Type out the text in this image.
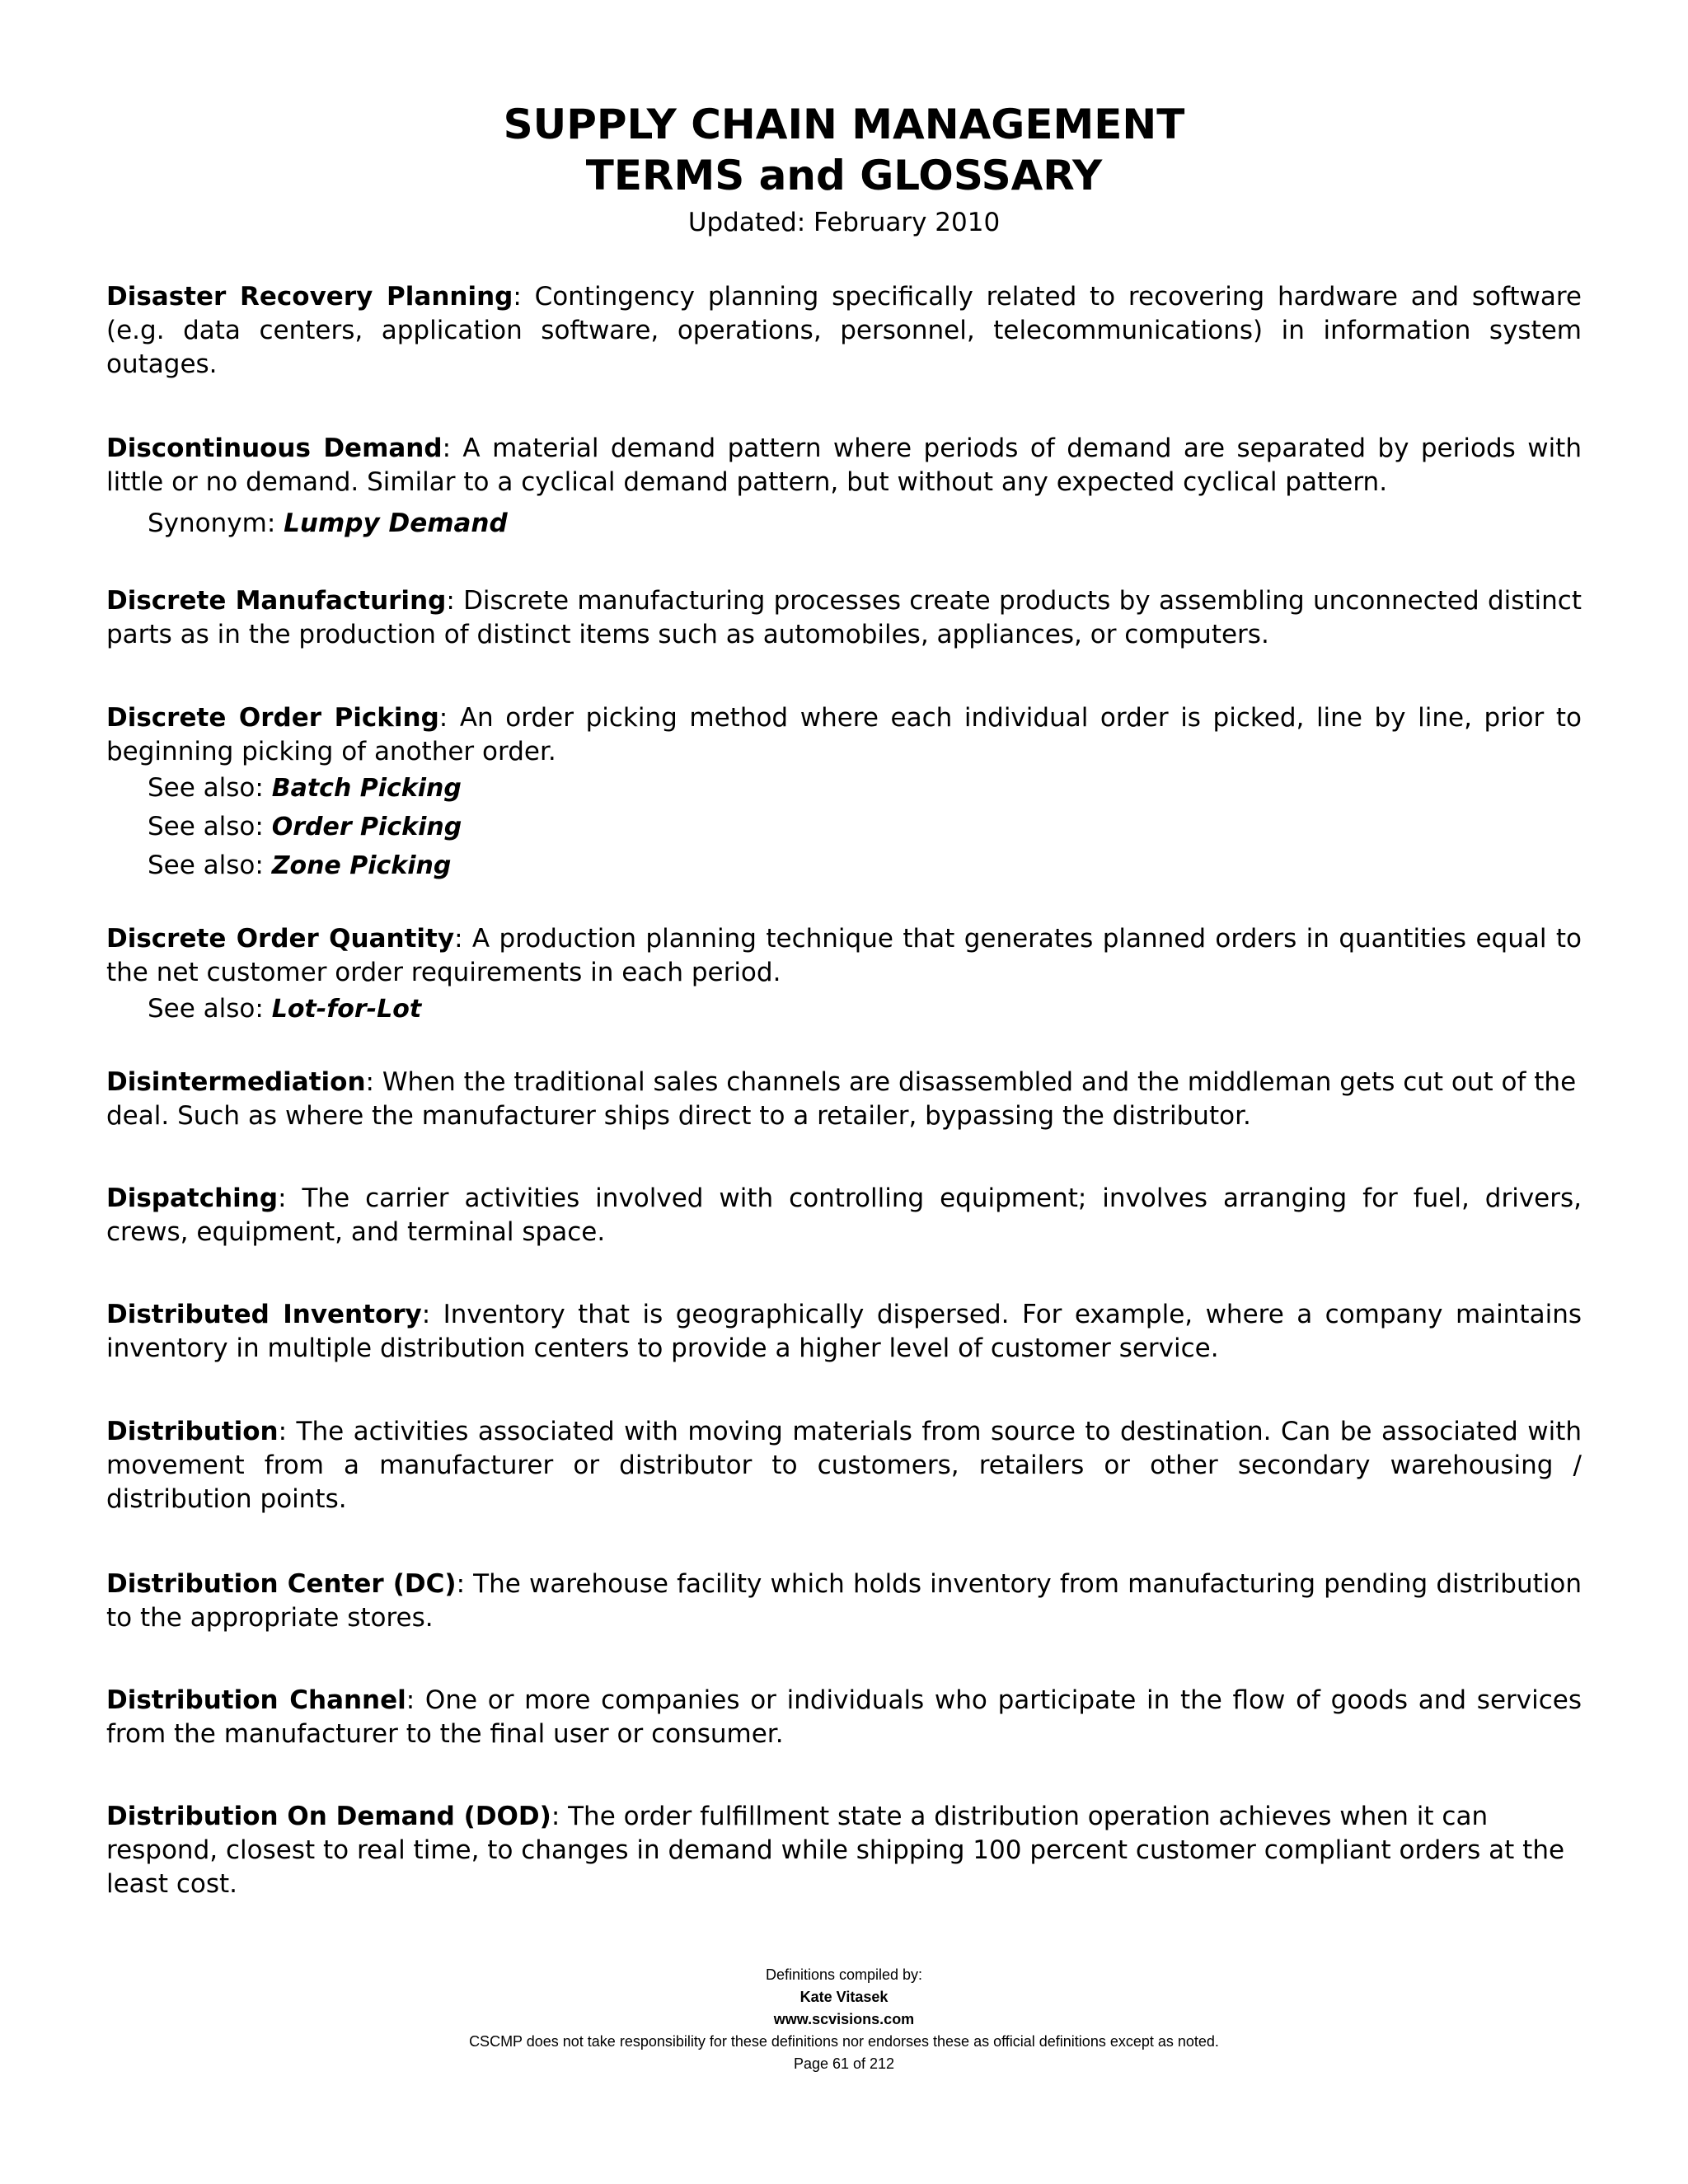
SUPPLY CHAIN MANAGEMENT
TERMS and GLOSSARY
Updated: February 2010

Disaster Recovery Planning: Contingency planning specifically related to recovering hardware and software (e.g. data centers, application software, operations, personnel, telecommunications) in information system outages.

Discontinuous Demand: A material demand pattern where periods of demand are separated by periods with little or no demand. Similar to a cyclical demand pattern, but without any expected cyclical pattern.

Synonym: Lumpy Demand

Discrete Manufacturing: Discrete manufacturing processes create products by assembling unconnected distinct parts as in the production of distinct items such as automobiles, appliances, or computers.

Discrete Order Picking: An order picking method where each individual order is picked, line by line, prior to beginning picking of another order.

See also: Batch Picking
See also: Order Picking
See also: Zone Picking

Discrete Order Quantity: A production planning technique that generates planned orders in quantities equal to the net customer order requirements in each period.

See also: Lot-for-Lot

Disintermediation: When the traditional sales channels are disassembled and the middleman gets cut out of the deal. Such as where the manufacturer ships direct to a retailer, bypassing the distributor.

Dispatching: The carrier activities involved with controlling equipment; involves arranging for fuel, drivers, crews, equipment, and terminal space.

Distributed Inventory: Inventory that is geographically dispersed. For example, where a company maintains inventory in multiple distribution centers to provide a higher level of customer service.

Distribution: The activities associated with moving materials from source to destination. Can be associated with movement from a manufacturer or distributor to customers, retailers or other secondary warehousing / distribution points.

Distribution Center (DC): The warehouse facility which holds inventory from manufacturing pending distribution to the appropriate stores.

Distribution Channel: One or more companies or individuals who participate in the flow of goods and services from the manufacturer to the final user or consumer.

Distribution On Demand (DOD): The order fulfillment state a distribution operation achieves when it can respond, closest to real time, to changes in demand while shipping 100 percent customer compliant orders at the least cost.

Definitions compiled by:
Kate Vitasek
www.scvisions.com
CSCMP does not take responsibility for these definitions nor endorses these as official definitions except as noted.
Page 61 of 212
